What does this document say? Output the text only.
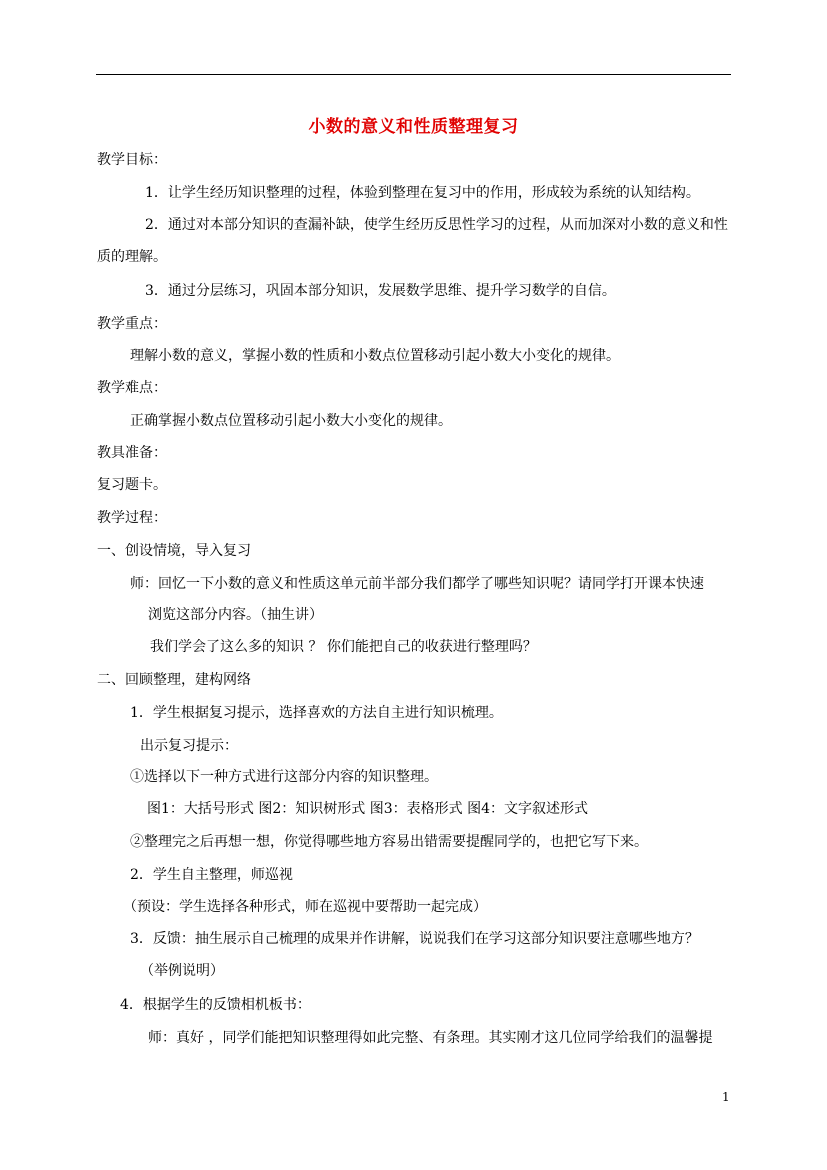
小数的意义和性质整理复习
教学目标：
1．让学生经历知识整理的过程，体验到整理在复习中的作用，形成较为系统的认知结构。
2．通过对本部分知识的查漏补缺，使学生经历反思性学习的过程，从而加深对小数的意义和性
质的理解。
3．通过分层练习，巩固本部分知识，发展数学思维、提升学习数学的自信。
教学重点：
理解小数的意义，掌握小数的性质和小数点位置移动引起小数大小变化的规律。
教学难点：
正确掌握小数点位置移动引起小数大小变化的规律。
教具准备：
复习题卡。
教学过程：
一、创设情境，导入复习
师：回忆一下小数的意义和性质这单元前半部分我们都学了哪些知识呢？请同学打开课本快速
浏览这部分内容。（抽生讲）
我们学会了这么多的知识 ？ 你们能把自己的收获进行整理吗？
二、回顾整理，建构网络
1．学生根据复习提示，选择喜欢的方法自主进行知识梳理。
出示复习提示：
①选择以下一种方式进行这部分内容的知识整理。
图1：大括号形式 图2：知识树形式 图3：表格形式 图4：文字叙述形式
②整理完之后再想一想，你觉得哪些地方容易出错需要提醒同学的，也把它写下来。
2．学生自主整理，师巡视
（预设：学生选择各种形式，师在巡视中要帮助一起完成）
3．反馈：抽生展示自己梳理的成果并作讲解，说说我们在学习这部分知识要注意哪些地方？
（举例说明）
4．根据学生的反馈相机板书：
师：真好 ，同学们能把知识整理得如此完整、有条理。其实刚才这几位同学给我们的温馨提
1
